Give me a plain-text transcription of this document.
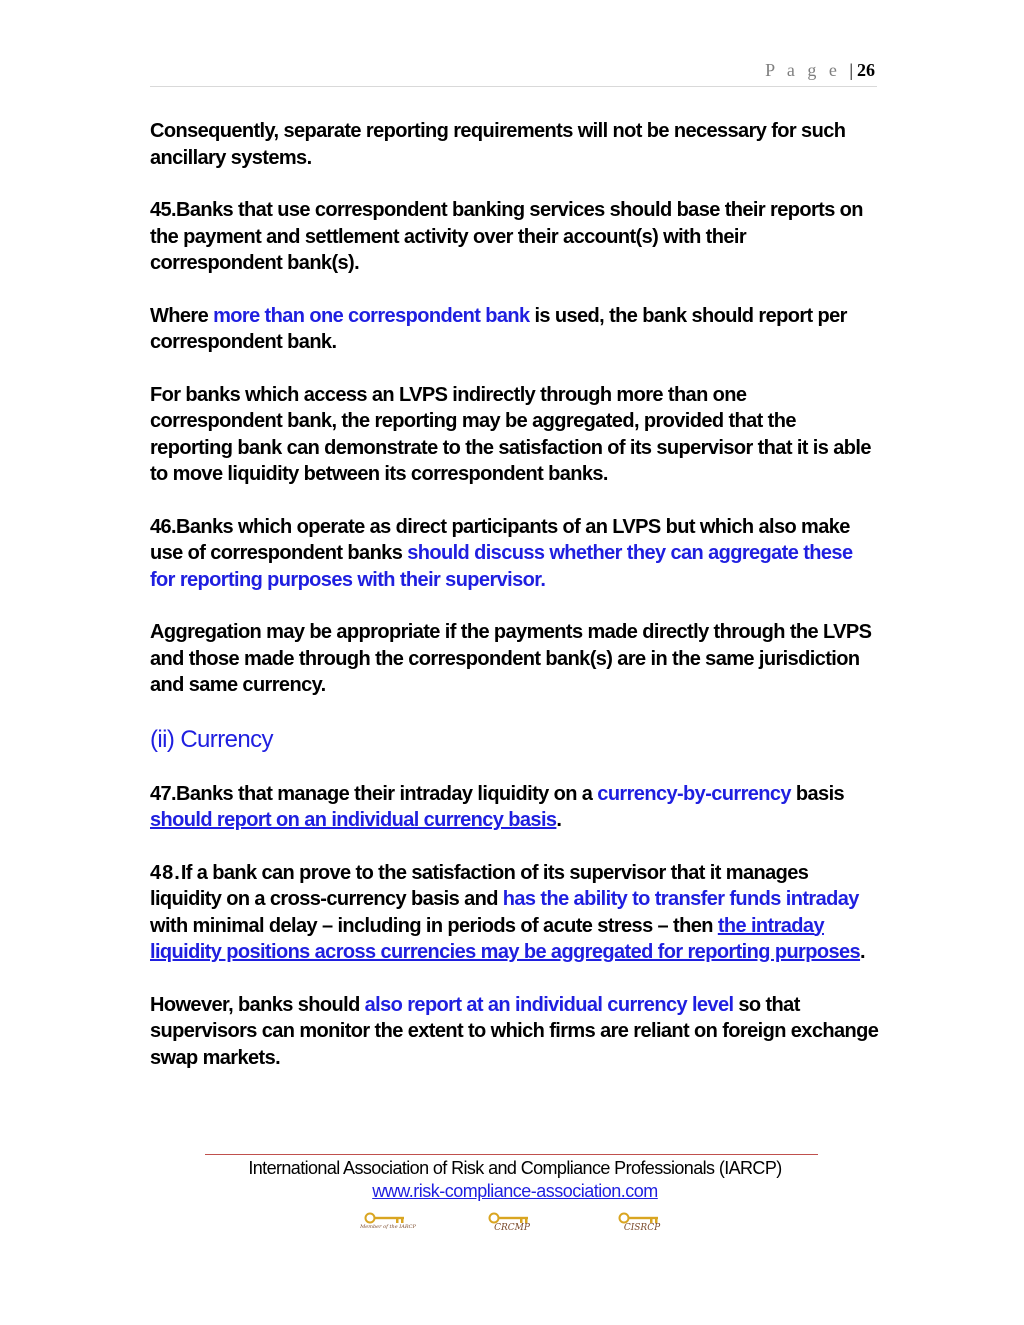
P a g e | 26

Consequently, separate reporting requirements will not be necessary for such ancillary systems.

45.Banks that use correspondent banking services should base their reports on the payment and settlement activity over their account(s) with their correspondent bank(s).

Where more than one correspondent bank is used, the bank should report per correspondent bank.

For banks which access an LVPS indirectly through more than one correspondent bank, the reporting may be aggregated, provided that the reporting bank can demonstrate to the satisfaction of its supervisor that it is able to move liquidity between its correspondent banks.

46.Banks which operate as direct participants of an LVPS but which also make use of correspondent banks should discuss whether they can aggregate these for reporting purposes with their supervisor.

Aggregation may be appropriate if the payments made directly through the LVPS and those made through the correspondent bank(s) are in the same jurisdiction and same currency.

(ii) Currency

47.Banks that manage their intraday liquidity on a currency-by-currency basis should report on an individual currency basis.

48.If a bank can prove to the satisfaction of its supervisor that it manages liquidity on a cross-currency basis and has the ability to transfer funds intraday with minimal delay – including in periods of acute stress – then the intraday liquidity positions across currencies may be aggregated for reporting purposes.

However, banks should also report at an individual currency level so that supervisors can monitor the extent to which firms are reliant on foreign exchange swap markets.

International Association of Risk and Compliance Professionals (IARCP)
www.risk-compliance-association.com
Member of the IARCP	CRCMP	CISRCP
